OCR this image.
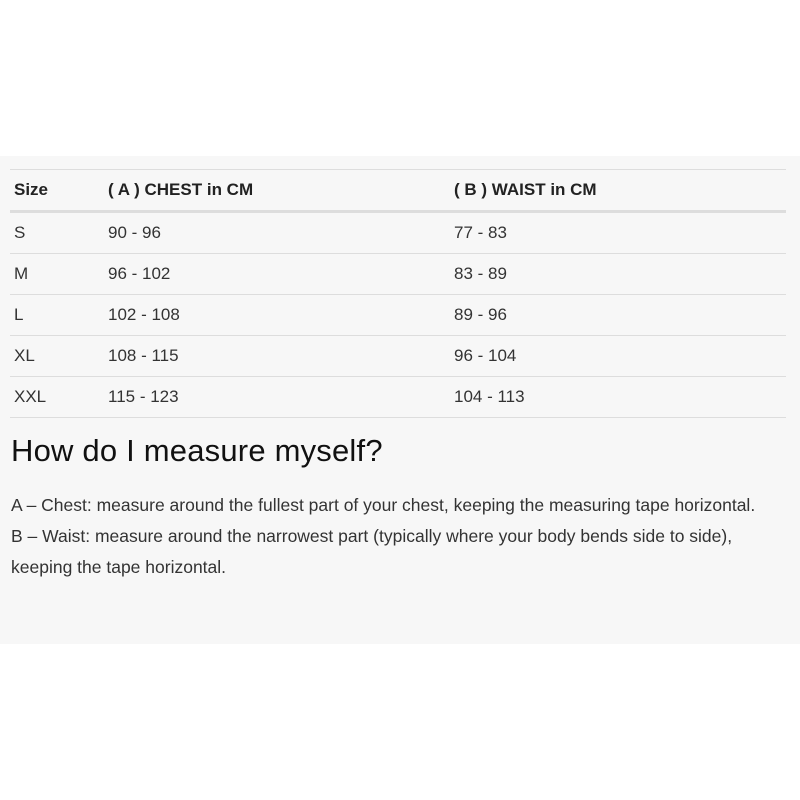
Size	( A ) CHEST in CM	( B ) WAIST in CM
S	90 - 96	77 - 83
M	96 - 102	83 - 89
L	102 - 108	89 - 96
XL	108 - 115	96 - 104
XXL	115 - 123	104 - 113
How do I measure myself?

A – Chest: measure around the fullest part of your chest, keeping the measuring tape horizontal.

B – Waist: measure around the narrowest part (typically where your body bends side to side), keeping the tape horizontal.
